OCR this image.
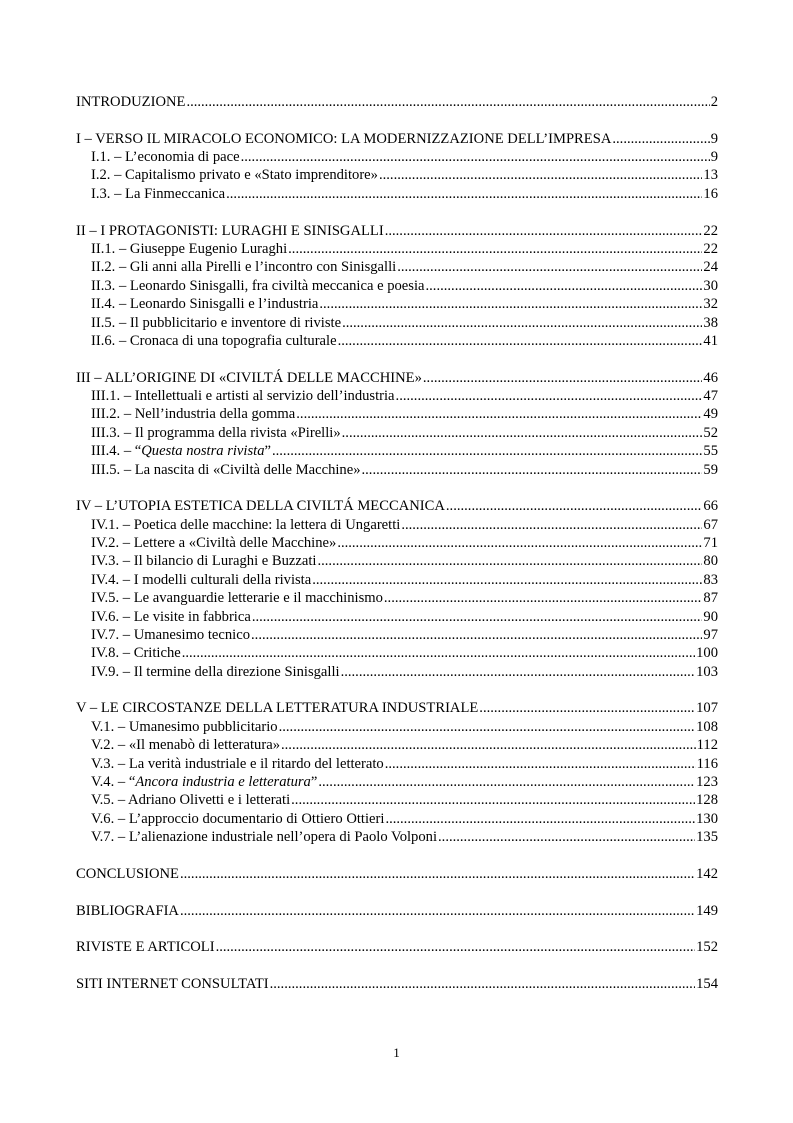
INTRODUZIONE .....	2
I – VERSO IL MIRACOLO ECONOMICO: LA MODERNIZZAZIONE DELL’IMPRESA .....	9
I.1. – L’economia di pace .....	9
I.2. – Capitalismo privato e «Stato imprenditore» .....	13
I.3. – La Finmeccanica .....	16
II – I PROTAGONISTI: LURAGHI E SINISGALLI .....	22
II.1. – Giuseppe Eugenio Luraghi .....	22
II.2. – Gli anni alla Pirelli e l’incontro con Sinisgalli .....	24
II.3. – Leonardo Sinisgalli, fra civiltà meccanica e poesia .....	30
II.4. – Leonardo Sinisgalli e l’industria .....	32
II.5. – Il pubblicitario e inventore di riviste .....	38
II.6. – Cronaca di una topografia culturale .....	41
III – ALL’ORIGINE DI «CIVILTÁ DELLE MACCHINE» .....	46
III.1. – Intellettuali e artisti al servizio dell’industria .....	47
III.2. – Nell’industria della gomma .....	49
III.3. – Il programma della rivista «Pirelli» .....	52
III.4. – “Questa nostra rivista” .....	55
III.5. – La nascita di «Civiltà delle Macchine» .....	59
IV – L’UTOPIA ESTETICA DELLA CIVILTÁ MECCANICA .....	66
IV.1. – Poetica delle macchine: la lettera di Ungaretti .....	67
IV.2. – Lettere a «Civiltà delle Macchine» .....	71
IV.3. – Il bilancio di Luraghi e Buzzati .....	80
IV.4. – I modelli culturali della rivista .....	83
IV.5. – Le avanguardie letterarie e il macchinismo .....	87
IV.6. – Le visite in fabbrica .....	90
IV.7. – Umanesimo tecnico .....	97
IV.8. – Critiche .....	100
IV.9. – Il termine della direzione Sinisgalli .....	103
V – LE CIRCOSTANZE DELLA LETTERATURA INDUSTRIALE .....	107
V.1. – Umanesimo pubblicitario .....	108
V.2. – «Il menabò di letteratura» .....	112
V.3. – La verità industriale e il ritardo del letterato .....	116
V.4. – “Ancora industria e letteratura” .....	123
V.5. – Adriano Olivetti e i letterati .....	128
V.6. – L’approccio documentario di Ottiero Ottieri .....	130
V.7. – L’alienazione industriale nell’opera di Paolo Volponi .....	135
CONCLUSIONE .....	142
BIBLIOGRAFIA .....	149
RIVISTE E ARTICOLI .....	152
SITI INTERNET CONSULTATI .....	154
1
